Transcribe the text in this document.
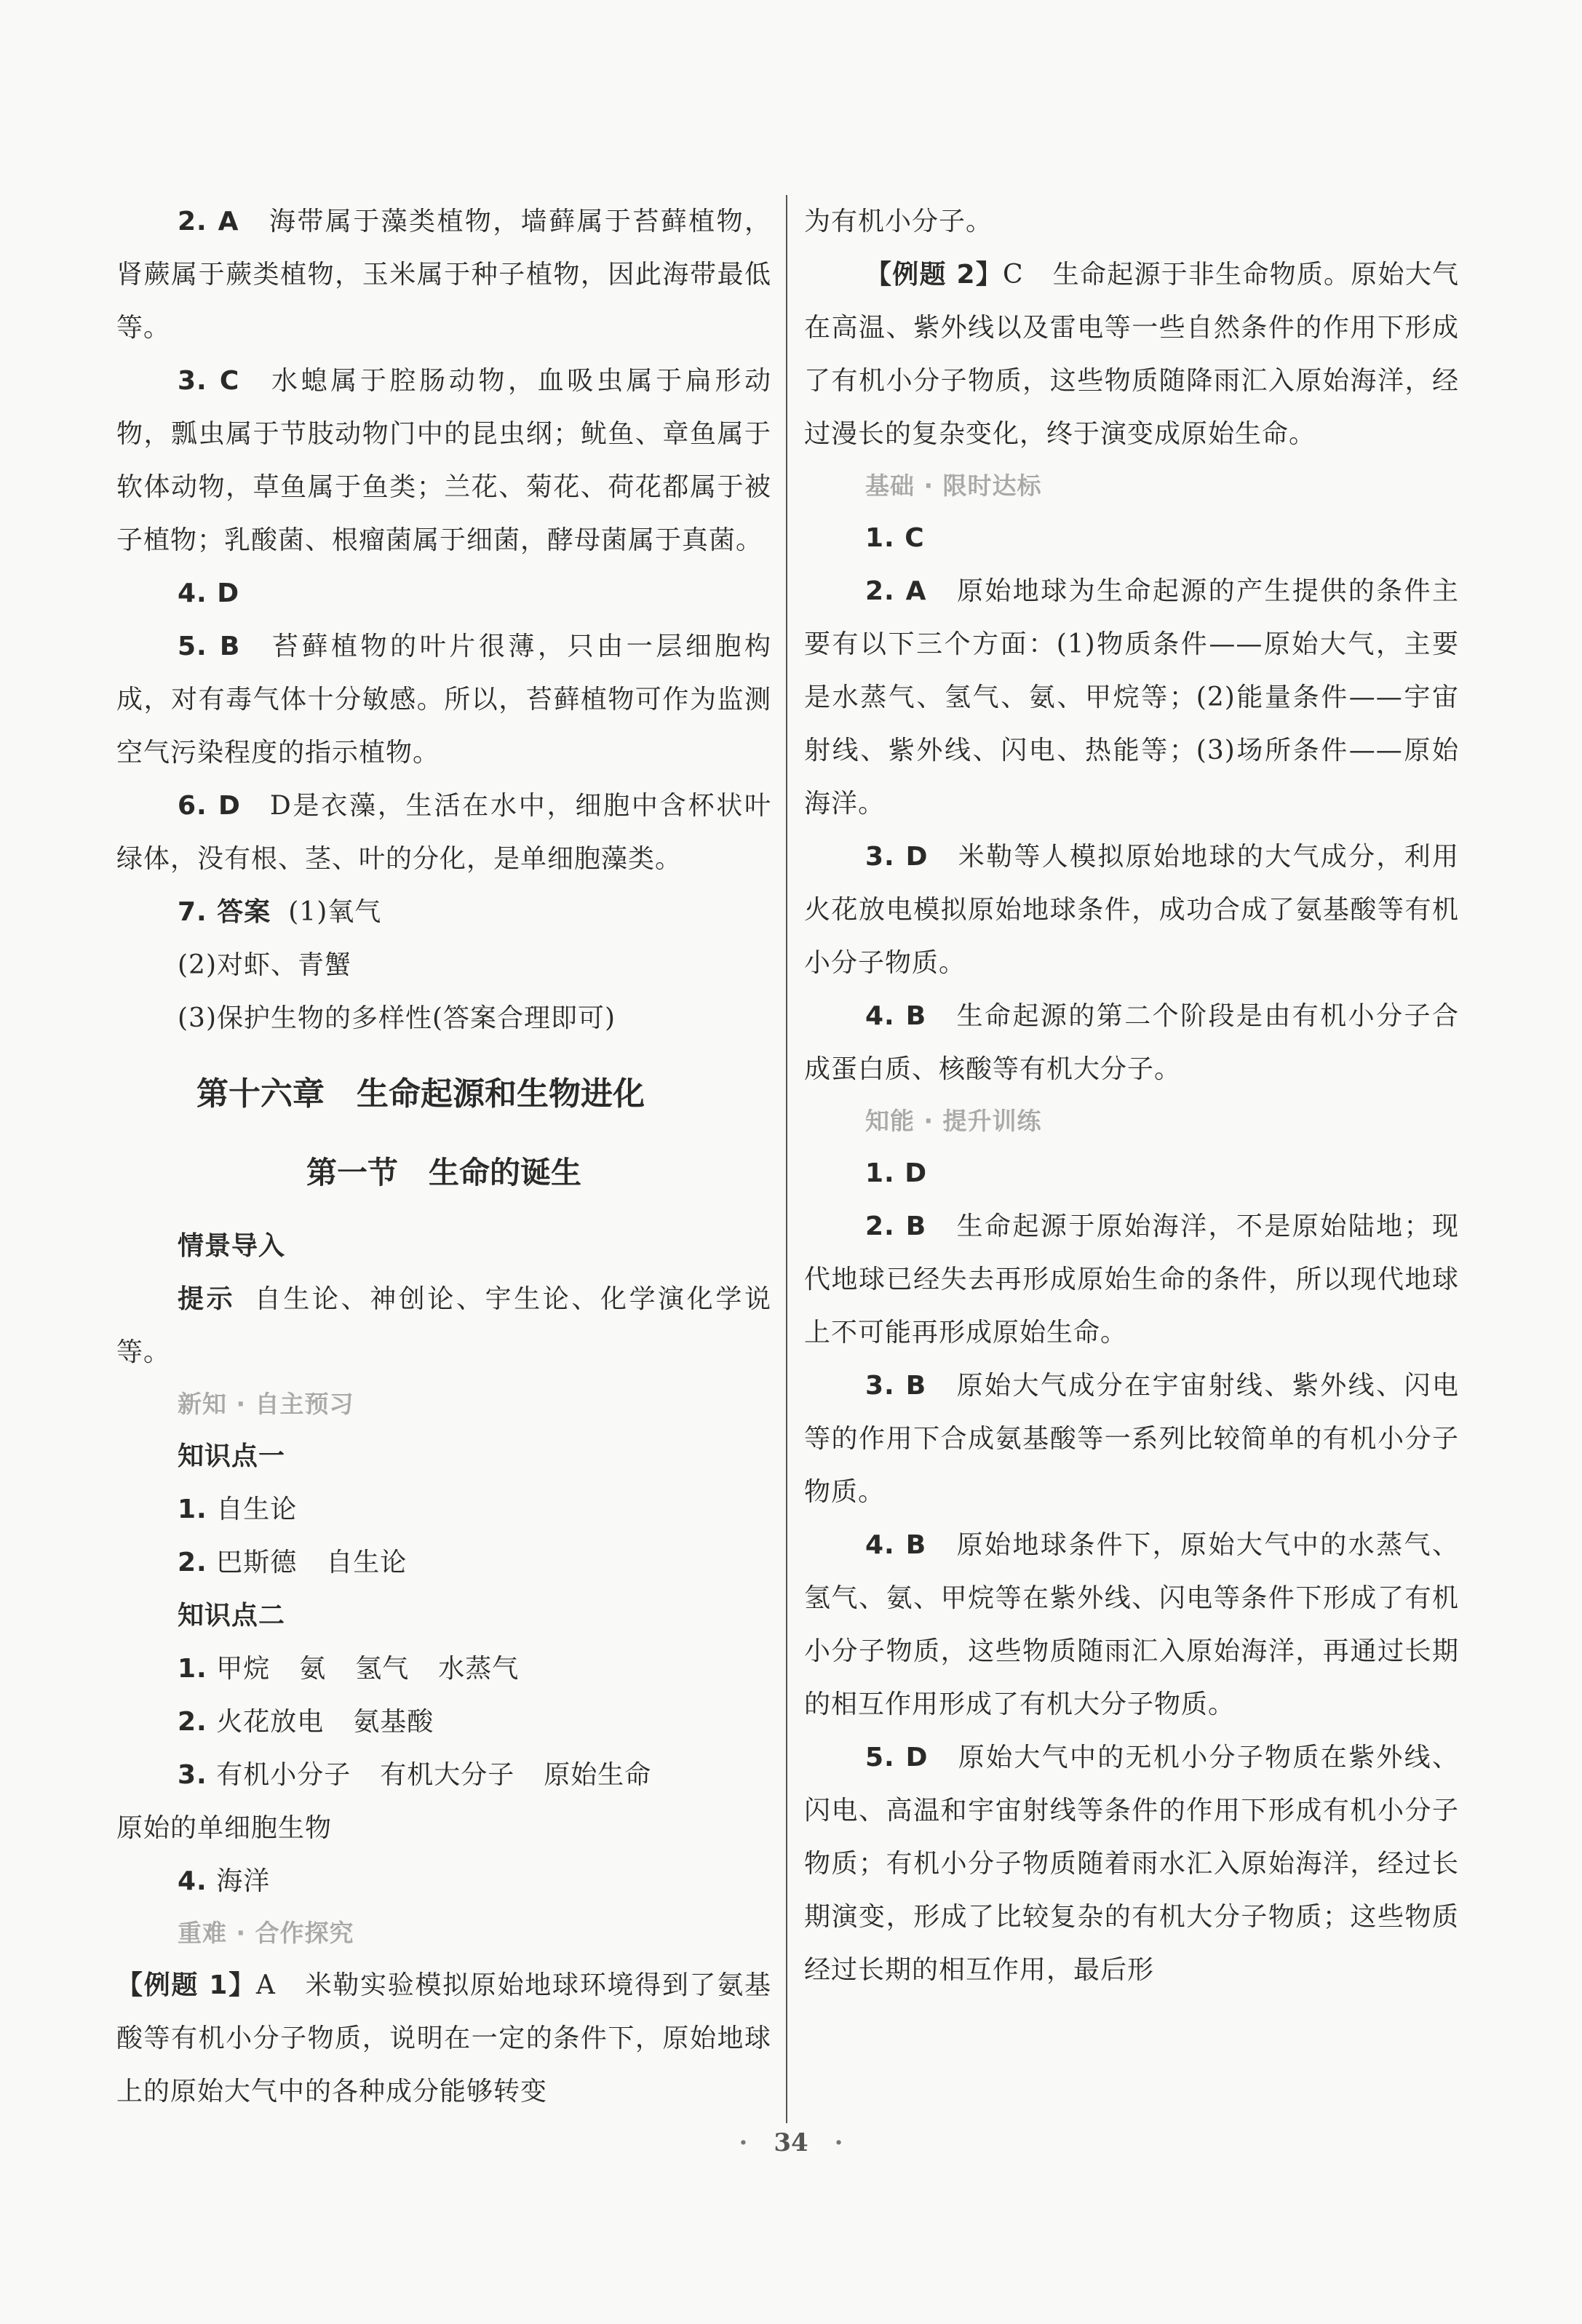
2. A 海带属于藻类植物，墙藓属于苔藓植物，肾蕨属于蕨类植物，玉米属于种子植物，因此海带最低等。

3. C 水螅属于腔肠动物，血吸虫属于扁形动物，瓢虫属于节肢动物门中的昆虫纲；鱿鱼、章鱼属于软体动物，草鱼属于鱼类；兰花、菊花、荷花都属于被子植物；乳酸菌、根瘤菌属于细菌，酵母菌属于真菌。

4. D

5. B 苔藓植物的叶片很薄，只由一层细胞构成，对有毒气体十分敏感。所以，苔藓植物可作为监测空气污染程度的指示植物。

6. D D是衣藻，生活在水中，细胞中含杯状叶绿体，没有根、茎、叶的分化，是单细胞藻类。

7. 答案 (1)氧气

(2)对虾、青蟹

(3)保护生物的多样性(答案合理即可)

第十六章　生命起源和生物进化
第一节　生命的诞生

情景导入

提示 自生论、神创论、宇生论、化学演化学说等。

新知 · 自主预习

知识点一

1. 自生论

2. 巴斯德 自生论

知识点二

1. 甲烷 氨 氢气 水蒸气

2. 火花放电 氨基酸

3. 有机小分子 有机大分子 原始生命

原始的单细胞生物

4. 海洋

重难 · 合作探究

【例题 1】A 米勒实验模拟原始地球环境得到了氨基酸等有机小分子物质，说明在一定的条件下，原始地球上的原始大气中的各种成分能够转变

为有机小分子。

【例题 2】C 生命起源于非生命物质。原始大气在高温、紫外线以及雷电等一些自然条件的作用下形成了有机小分子物质，这些物质随降雨汇入原始海洋，经过漫长的复杂变化，终于演变成原始生命。

基础 · 限时达标

1. C

2. A 原始地球为生命起源的产生提供的条件主要有以下三个方面：(1)物质条件——原始大气，主要是水蒸气、氢气、氨、甲烷等；(2)能量条件——宇宙射线、紫外线、闪电、热能等；(3)场所条件——原始海洋。

3. D 米勒等人模拟原始地球的大气成分，利用火花放电模拟原始地球条件，成功合成了氨基酸等有机小分子物质。

4. B 生命起源的第二个阶段是由有机小分子合成蛋白质、核酸等有机大分子。

知能 · 提升训练

1. D

2. B 生命起源于原始海洋，不是原始陆地；现代地球已经失去再形成原始生命的条件，所以现代地球上不可能再形成原始生命。

3. B 原始大气成分在宇宙射线、紫外线、闪电等的作用下合成氨基酸等一系列比较简单的有机小分子物质。

4. B 原始地球条件下，原始大气中的水蒸气、氢气、氨、甲烷等在紫外线、闪电等条件下形成了有机小分子物质，这些物质随雨汇入原始海洋，再通过长期的相互作用形成了有机大分子物质。

5. D 原始大气中的无机小分子物质在紫外线、闪电、高温和宇宙射线等条件的作用下形成有机小分子物质；有机小分子物质随着雨水汇入原始海洋，经过长期演变，形成了比较复杂的有机大分子物质；这些物质经过长期的相互作用，最后形

· 34 ·
